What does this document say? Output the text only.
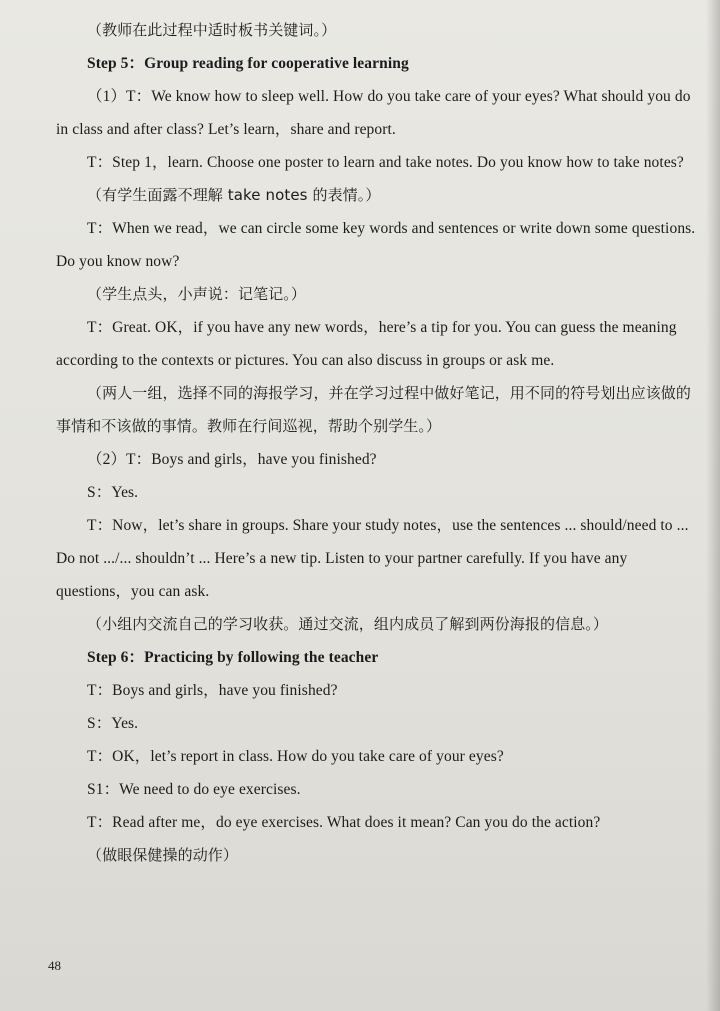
（教师在此过程中适时板书关键词。）

Step 5：Group reading for cooperative learning

（1）T：We know how to sleep well. How do you take care of your eyes? What should you do in class and after class? Let’s learn，share and report.

T：Step 1，learn. Choose one poster to learn and take notes. Do you know how to take notes?

（有学生面露不理解 take notes 的表情。）

T：When we read，we can circle some key words and sentences or write down some questions. Do you know now?

（学生点头，小声说：记笔记。）

T：Great. OK，if you have any new words，here’s a tip for you. You can guess the meaning according to the contexts or pictures. You can also discuss in groups or ask me.

（两人一组，选择不同的海报学习，并在学习过程中做好笔记，用不同的符号划出应该做的事情和不该做的事情。教师在行间巡视，帮助个别学生。）

（2）T：Boys and girls，have you finished?

S：Yes.

T：Now，let’s share in groups. Share your study notes，use the sentences ... should/need to ... Do not .../... shouldn’t ... Here’s a new tip. Listen to your partner carefully. If you have any questions，you can ask.

（小组内交流自己的学习收获。通过交流，组内成员了解到两份海报的信息。）

Step 6：Practicing by following the teacher

T：Boys and girls，have you finished?

S：Yes.

T：OK，let’s report in class. How do you take care of your eyes?

S1：We need to do eye exercises.

T：Read after me，do eye exercises. What does it mean? Can you do the action?

（做眼保健操的动作）

48
